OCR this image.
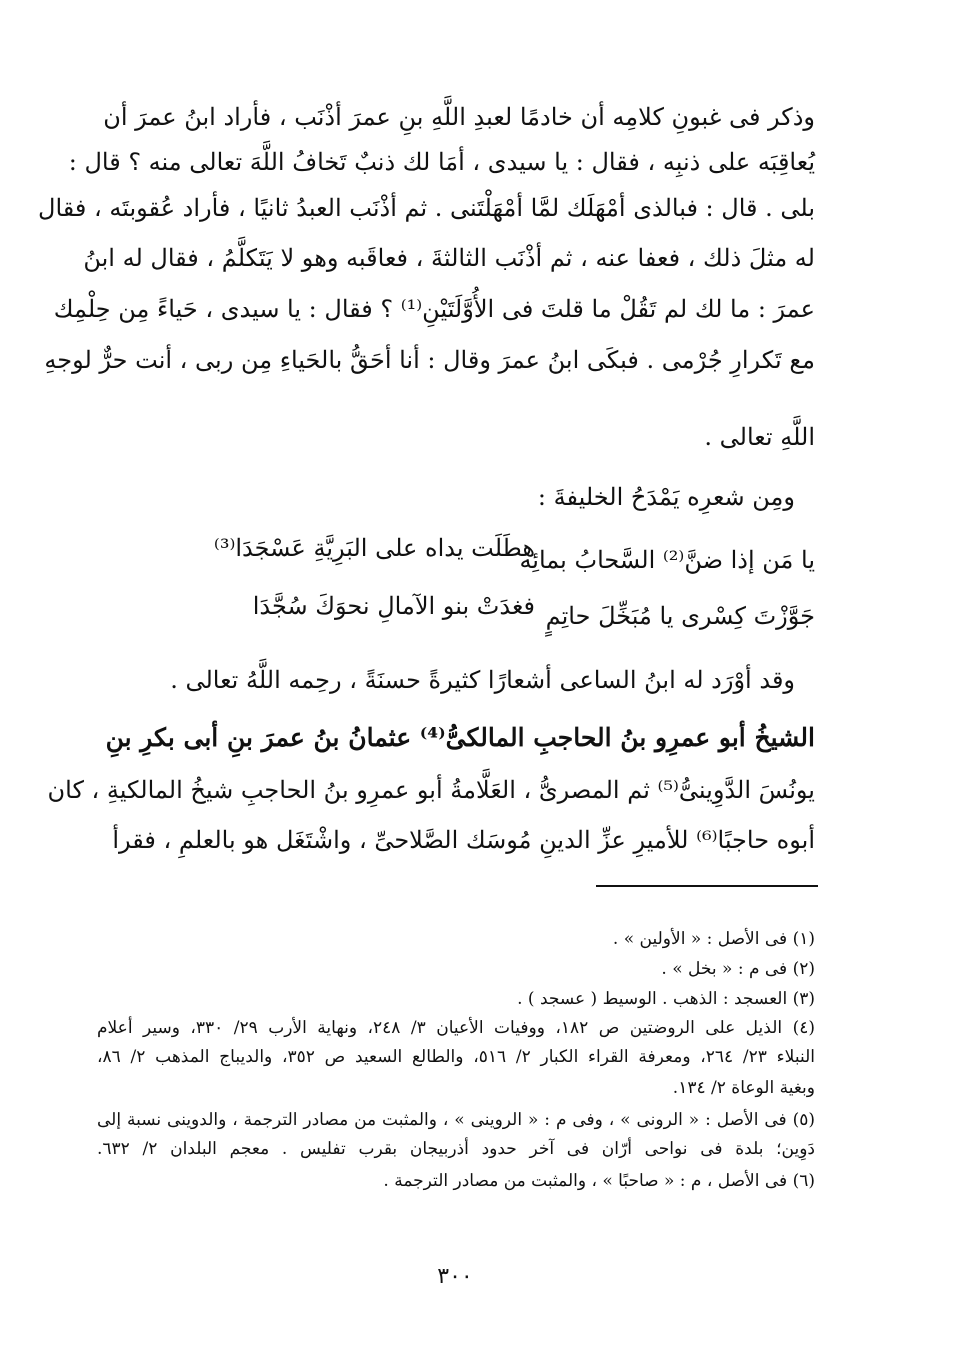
وذكر فى غبونِ كلامِه أن خادمًا لعبدِ اللَّهِ بنِ عمرَ أذْنَب ، فأراد ابنُ عمرَ أن
يُعاقِبَه على ذنبِه ، فقال : يا سيدى ، أمَا لك ذنبٌ تَخافُ اللَّهَ تعالى منه ؟ قال :
بلى . قال : فبالذى أمْهَلَك لمَّا أمْهَلْتَنى . ثم أذْنَب العبدُ ثانيًا ، فأراد عُقوبتَه ، فقال
له مثلَ ذلك ، فعفا عنه ، ثم أذْنَب الثالثةَ ، فعاقَبه وهو لا يَتَكلَّمُ ، فقال له ابنُ
عمرَ : ما لك لم تَقُلْ ما قلتَ فى الأُوَّلَتَيْنِ⁽¹⁾ ؟ فقال : يا سيدى ، حَياءً مِن حِلْمِك
مع تَكرارِ جُرْمى . فبكَى ابنُ عمرَ وقال : أنا أحَقُّ بالحَياءِ مِن ربى ، أنت حرٌّ لوجهِ
اللَّهِ تعالى .
ومِن شعرِه يَمْدَحُ الخليفةَ :
يا مَن إذا ضنَّ⁽²⁾ السَّحابُ بمائِه
هطَلَت يداه على البَرِيَّةِ عَسْجَدَا⁽³⁾
جَوَّزْتَ كِسْرى يا مُبَخِّلَ حاتِمٍ
فغدَتْ بنو الآمالِ نحوَكَ سُجَّدَا
وقد أوْرَد له ابنُ الساعى أشعارًا كثيرةً حسنَةً ، رحِمه اللَّهُ تعالى .
الشيخُ أبو عمرِو بنُ الحاجبِ المالكىُّ⁽⁴⁾ عثمانُ بنُ عمرَ بنِ أبى بكرِ بنِ
يونُسَ الدَّوِينىُّ⁽⁵⁾ ثم المصرىُّ ، العَلَّامةُ أبو عمرِو بنُ الحاجبِ شيخُ المالكيةِ ، كان
أبوه حاجبًا⁽⁶⁾ للأميرِ عزِّ الدينِ مُوسَك الصَّلاحىِّ ، واشْتَغَل هو بالعلمِ ، فقرأ
(١) فى الأصل : « الأولين » .
(٢) فى م : « بخل » .
(٣) العسجد : الذهب . الوسيط ( عسجد ) .
(٤) الذيل على الروضتين ص ١٨٢، ووفيات الأعيان ٣/ ٢٤٨، ونهاية الأرب ٢٩/ ٣٣٠، وسير أعلام
النبلاء ٢٣/ ٢٦٤، ومعرفة القراء الكبار ٢/ ٥١٦، والطالع السعيد ص ٣٥٢، والديباج المذهب ٢/ ٨٦،
وبغية الوعاة ٢/ ١٣٤.
(٥) فى الأصل : « الرونى » ، وفى م : « الروينى » ، والمثبت من مصادر الترجمة ، والدوينى نسبة إلى
دَوِين؛ بلدة فى نواحى أرّان فى آخر حدود أذربيجان بقرب تفليس . معجم البلدان ٢/ ٦٣٢.
(٦) فى الأصل ، م : « صاحبًا » ، والمثبت من مصادر الترجمة .
٣٠٠
